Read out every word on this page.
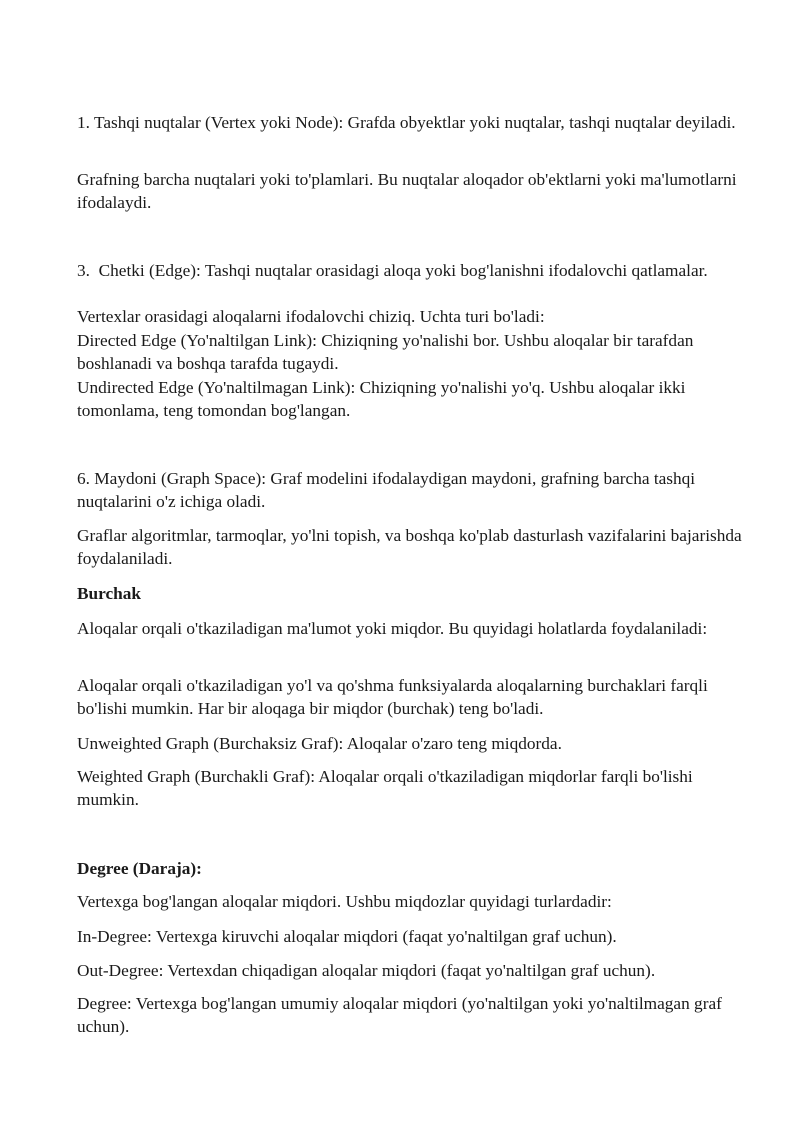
1. Tashqi nuqtalar (Vertex yoki Node): Grafda obyektlar yoki nuqtalar, tashqi nuqtalar deyiladi.

Grafning barcha nuqtalari yoki to'plamlari. Bu nuqtalar aloqador ob'ektlarni yoki ma'lumotlarni ifodalaydi.

3.  Chetki (Edge): Tashqi nuqtalar orasidagi aloqa yoki bog'lanishni ifodalovchi qatlamalar.

Vertexlar orasidagi aloqalarni ifodalovchi chiziq. Uchta turi bo'ladi:

Directed Edge (Yo'naltilgan Link): Chiziqning yo'nalishi bor. Ushbu aloqalar bir tarafdan boshlanadi va boshqa tarafda tugaydi.

Undirected Edge (Yo'naltilmagan Link): Chiziqning yo'nalishi yo'q. Ushbu aloqalar ikki tomonlama, teng tomondan bog'langan.

6. Maydoni (Graph Space): Graf modelini ifodalaydigan maydoni, grafning barcha tashqi nuqtalarini o'z ichiga oladi.

Graflar algoritmlar, tarmoqlar, yo'lni topish, va boshqa ko'plab dasturlash vazifalarini bajarishda foydalaniladi.

Burchak

Aloqalar orqali o'tkaziladigan ma'lumot yoki miqdor. Bu quyidagi holatlarda foydalaniladi:

Aloqalar orqali o'tkaziladigan yo'l va qo'shma funksiyalarda aloqalarning burchaklari farqli bo'lishi mumkin. Har bir aloqaga bir miqdor (burchak) teng bo'ladi.

Unweighted Graph (Burchaksiz Graf): Aloqalar o'zaro teng miqdorda.

Weighted Graph (Burchakli Graf): Aloqalar orqali o'tkaziladigan miqdorlar farqli bo'lishi mumkin.

Degree (Daraja):

Vertexga bog'langan aloqalar miqdori. Ushbu miqdozlar quyidagi turlardadir:

In-Degree: Vertexga kiruvchi aloqalar miqdori (faqat yo'naltilgan graf uchun).

Out-Degree: Vertexdan chiqadigan aloqalar miqdori (faqat yo'naltilgan graf uchun).

Degree: Vertexga bog'langan umumiy aloqalar miqdori (yo'naltilgan yoki yo'naltilmagan graf uchun).
